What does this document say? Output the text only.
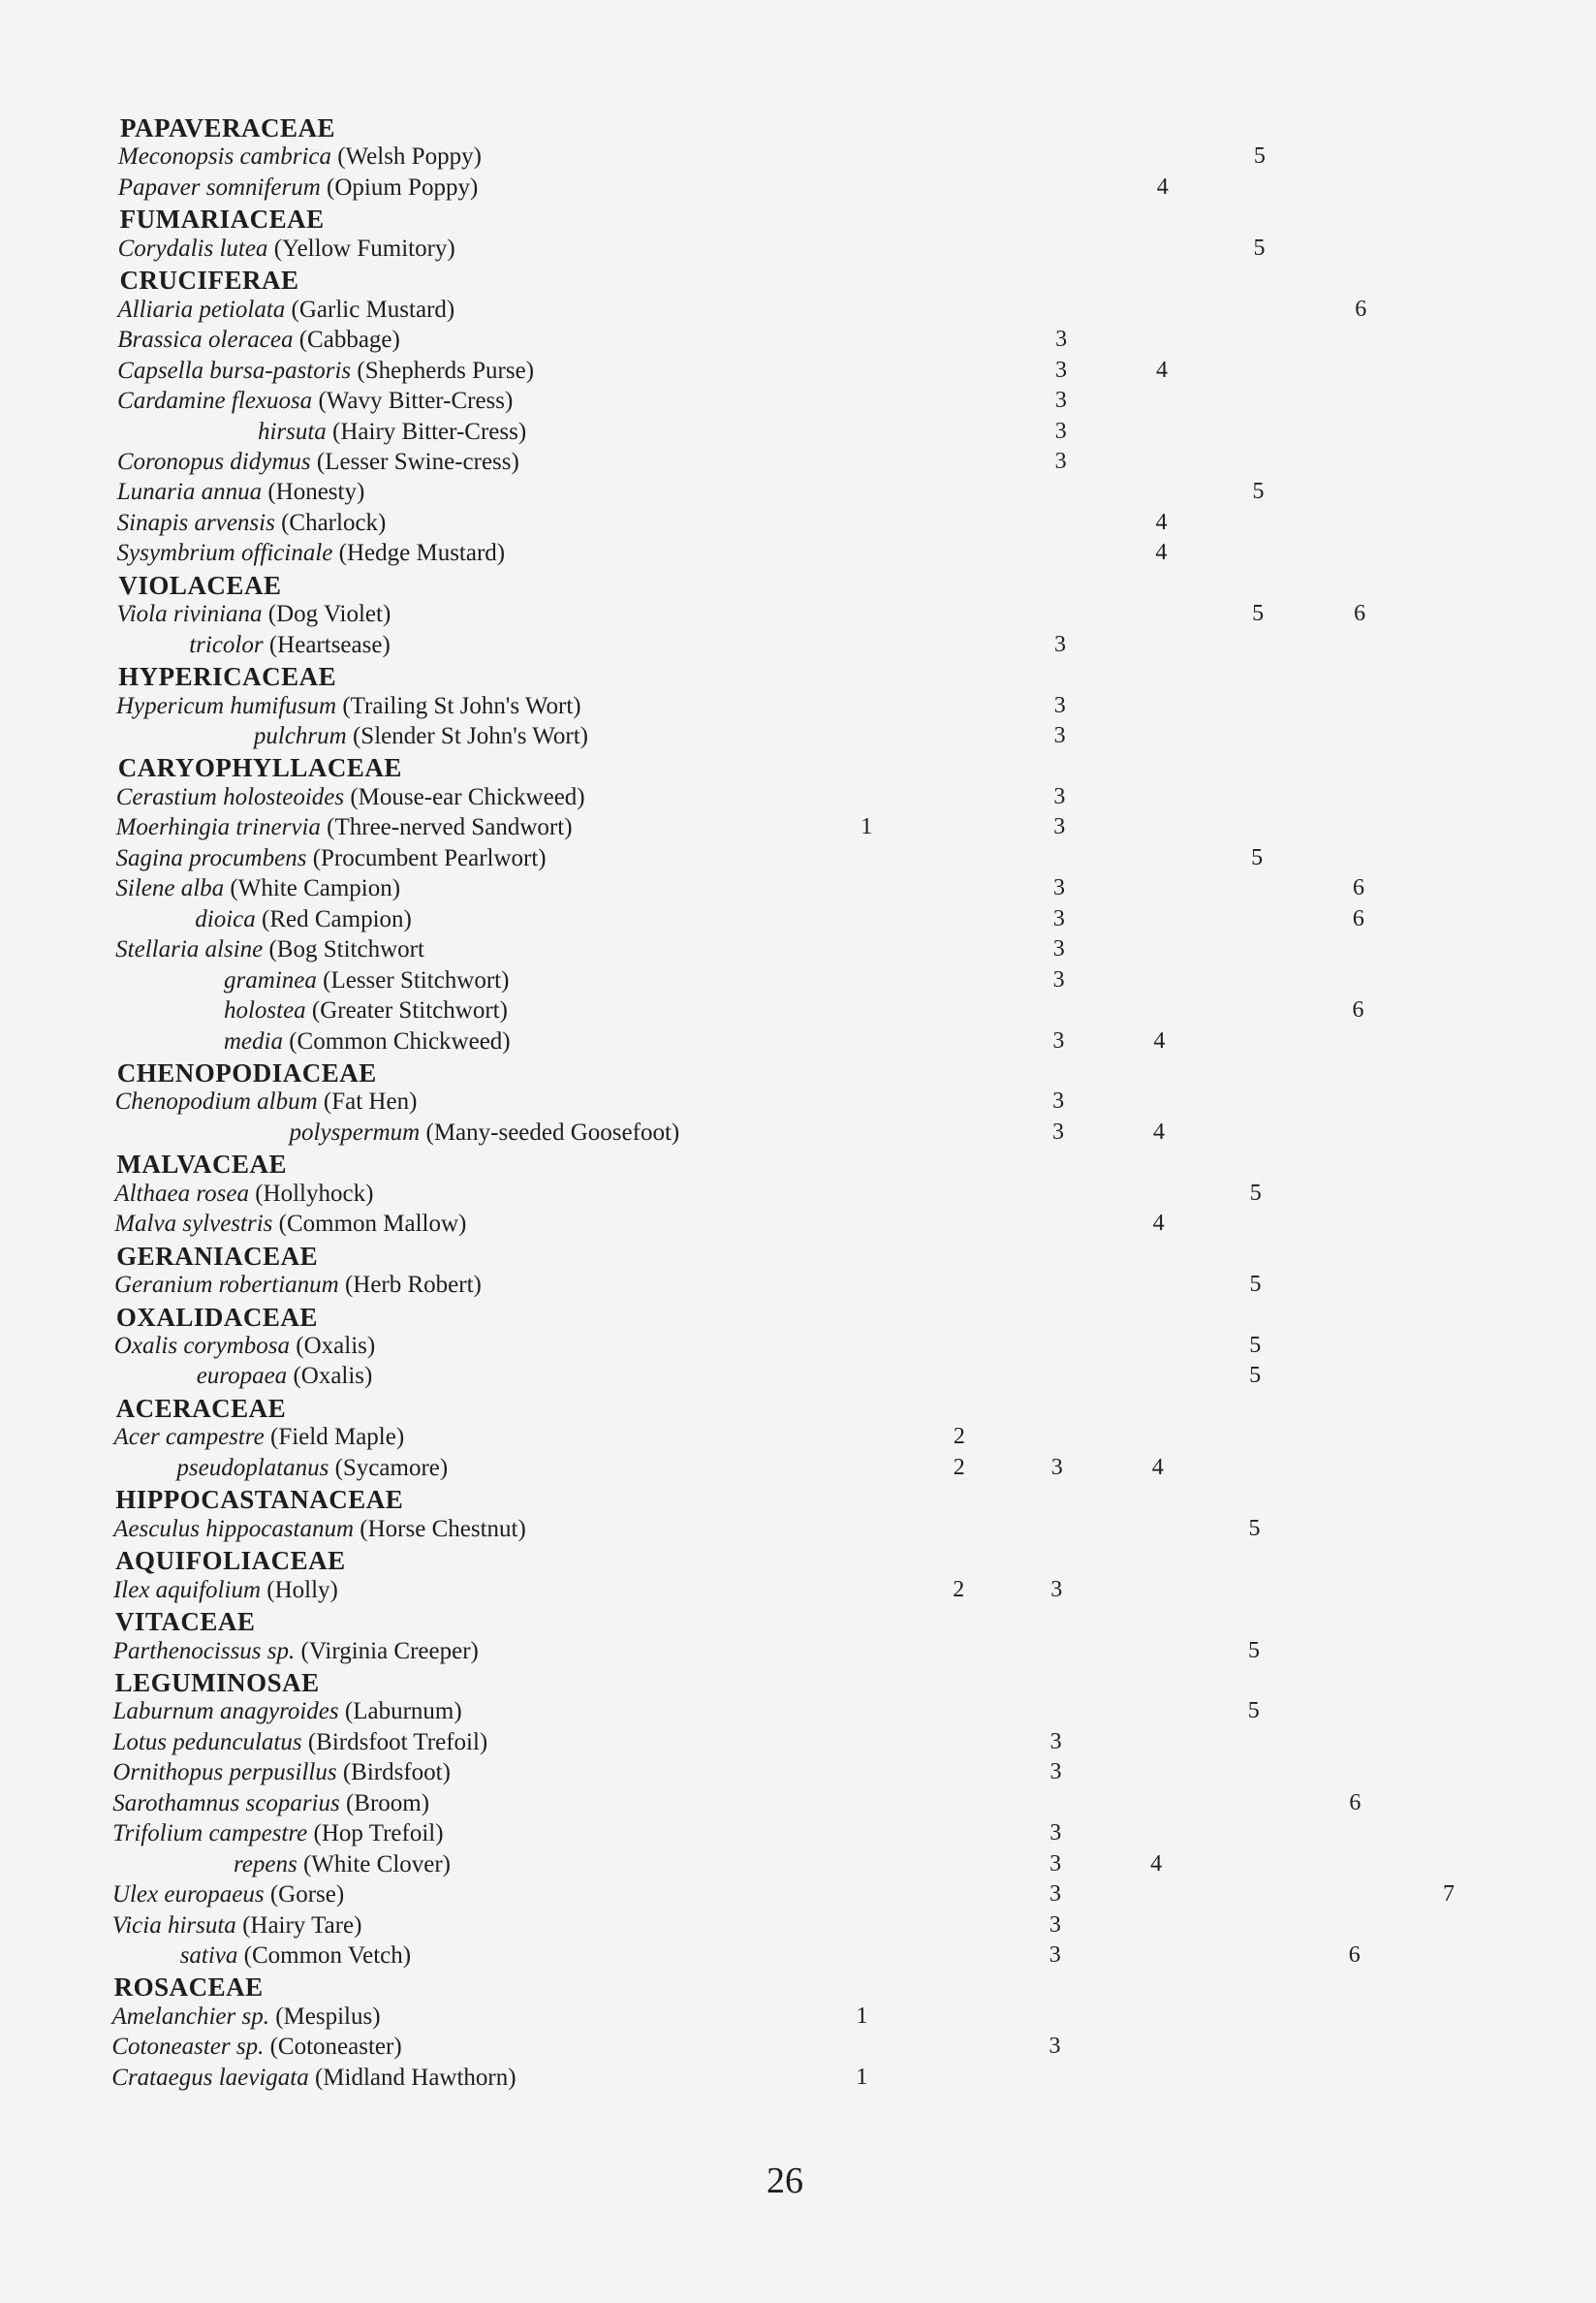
PAPAVERACEAE
Meconopsis cambrica (Welsh Poppy)	5
Papaver somniferum (Opium Poppy)	4
FUMARIACEAE
Corydalis lutea (Yellow Fumitory)	5
CRUCIFERAE
Alliaria petiolata (Garlic Mustard)	6
Brassica oleracea (Cabbage)	3
Capsella bursa-pastoris (Shepherds Purse)	3	4
Cardamine flexuosa (Wavy Bitter-Cress)	3
hirsuta (Hairy Bitter-Cress)	3
Coronopus didymus (Lesser Swine-cress)	3
Lunaria annua (Honesty)	5
Sinapis arvensis (Charlock)	4
Sysymbrium officinale (Hedge Mustard)	4
VIOLACEAE
Viola riviniana (Dog Violet)	5	6
tricolor (Heartsease)	3
HYPERICACEAE
Hypericum humifusum (Trailing St John's Wort)	3
pulchrum (Slender St John's Wort)	3
CARYOPHYLLACEAE
Cerastium holosteoides (Mouse-ear Chickweed)	3
Moerhingia trinervia (Three-nerved Sandwort)	1	3
Sagina procumbens (Procumbent Pearlwort)	5
Silene alba (White Campion)	3	6
dioica (Red Campion)	3	6
Stellaria alsine (Bog Stitchwort	3
graminea (Lesser Stitchwort)	3
holostea (Greater Stitchwort)	6
media (Common Chickweed)	3	4
CHENOPODIACEAE
Chenopodium album (Fat Hen)	3
polyspermum (Many-seeded Goosefoot)	3	4
MALVACEAE
Althaea rosea (Hollyhock)	5
Malva sylvestris (Common Mallow)	4
GERANIACEAE
Geranium robertianum (Herb Robert)	5
OXALIDACEAE
Oxalis corymbosa (Oxalis)	5
europaea (Oxalis)	5
ACERACEAE
Acer campestre (Field Maple)	2
pseudoplatanus (Sycamore)	2	3	4
HIPPOCASTANACEAE
Aesculus hippocastanum (Horse Chestnut)	5
AQUIFOLIACEAE
Ilex aquifolium (Holly)	2	3
VITACEAE
Parthenocissus sp. (Virginia Creeper)	5
LEGUMINOSAE
Laburnum anagyroides (Laburnum)	5
Lotus pedunculatus (Birdsfoot Trefoil)	3
Ornithopus perpusillus (Birdsfoot)	3
Sarothamnus scoparius (Broom)	6
Trifolium campestre (Hop Trefoil)	3
repens (White Clover)	3	4
Ulex europaeus (Gorse)	3	7
Vicia hirsuta (Hairy Tare)	3
sativa (Common Vetch)	3	6
ROSACEAE
Amelanchier sp. (Mespilus)	1
Cotoneaster sp. (Cotoneaster)	3
Crataegus laevigata (Midland Hawthorn)	1
26
